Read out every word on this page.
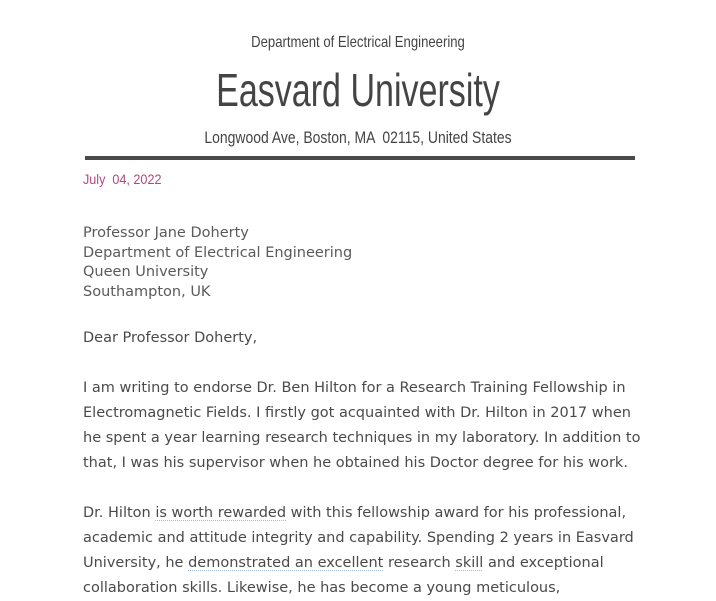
Department of Electrical Engineering
Easvard University
Longwood Ave, Boston, MA  02115, United States
July  04, 2022
Professor Jane Doherty
Department of Electrical Engineering
Queen University
Southampton, UK
Dear Professor Doherty,
I am writing to endorse Dr. Ben Hilton for a Research Training Fellowship in
Electromagnetic Fields. I firstly got acquainted with Dr. Hilton in 2017 when
he spent a year learning research techniques in my laboratory. In addition to
that, I was his supervisor when he obtained his Doctor degree for his work.
Dr. Hilton is worth rewarded with this fellowship award for his professional,
academic and attitude integrity and capability. Spending 2 years in Easvard
University, he demonstrated an excellent research skill and exceptional
collaboration skills. Likewise, he has become a young meticulous,
